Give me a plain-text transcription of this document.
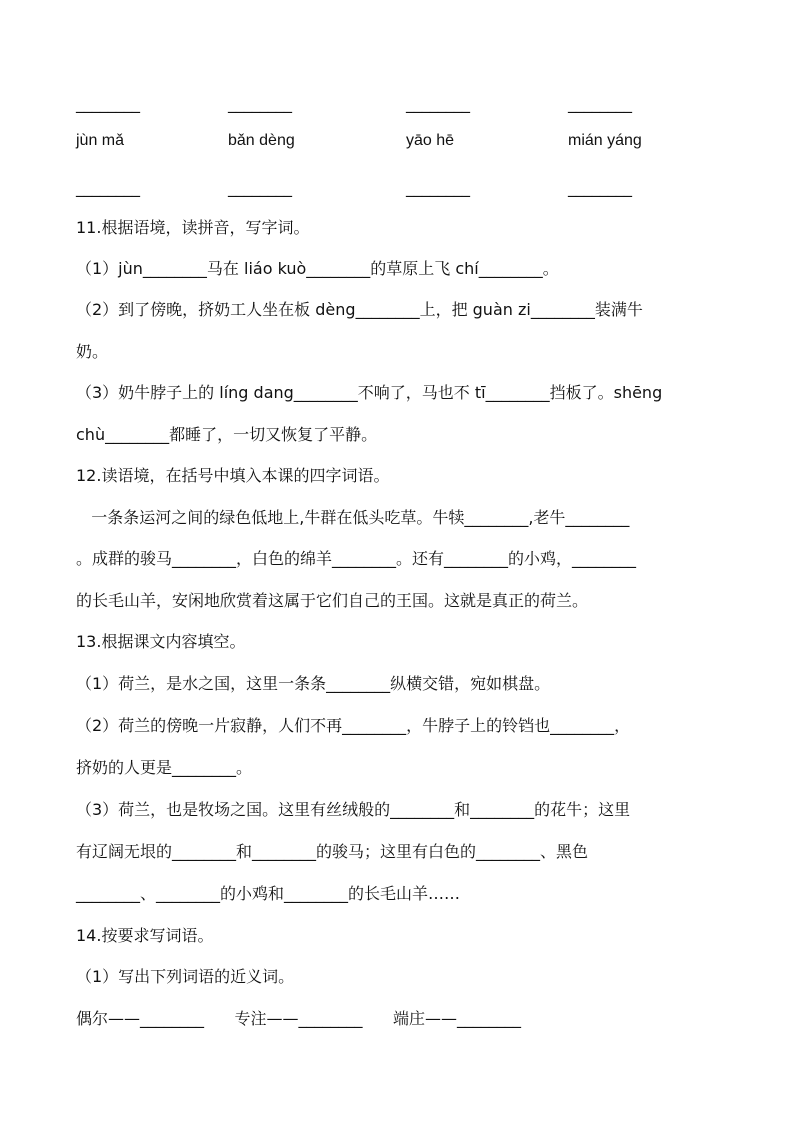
________	________	________	________
jùn mǎ	bǎn dèng	yāo hē	mián yáng
________	________	________	________
11.根据语境，读拼音，写字词。
（1）jùn________马在 liáo kuò________的草原上飞 chí________。
（2）到了傍晚，挤奶工人坐在板 dèng________上，把 guàn zi________装满牛
奶。
（3）奶牛脖子上的 líng dang________不响了，马也不 tī________挡板了。shēng
chù________都睡了，一切又恢复了平静。
12.读语境，在括号中填入本课的四字词语。
一条条运河之间的绿色低地上,牛群在低头吃草。牛犊________,老牛________
。成群的骏马________，白色的绵羊________。还有________的小鸡，________
的长毛山羊，安闲地欣赏着这属于它们自己的王国。这就是真正的荷兰。
13.根据课文内容填空。
（1）荷兰，是水之国，这里一条条________纵横交错，宛如棋盘。
（2）荷兰的傍晚一片寂静，人们不再________，牛脖子上的铃铛也________，
挤奶的人更是________。
（3）荷兰，也是牧场之国。这里有丝绒般的________和________的花牛；这里
有辽阔无垠的________和________的骏马；这里有白色的________、黑色
________、________的小鸡和________的长毛山羊……
14.按要求写词语。
（1）写出下列词语的近义词。
偶尔——________      专注——________      端庄——________
